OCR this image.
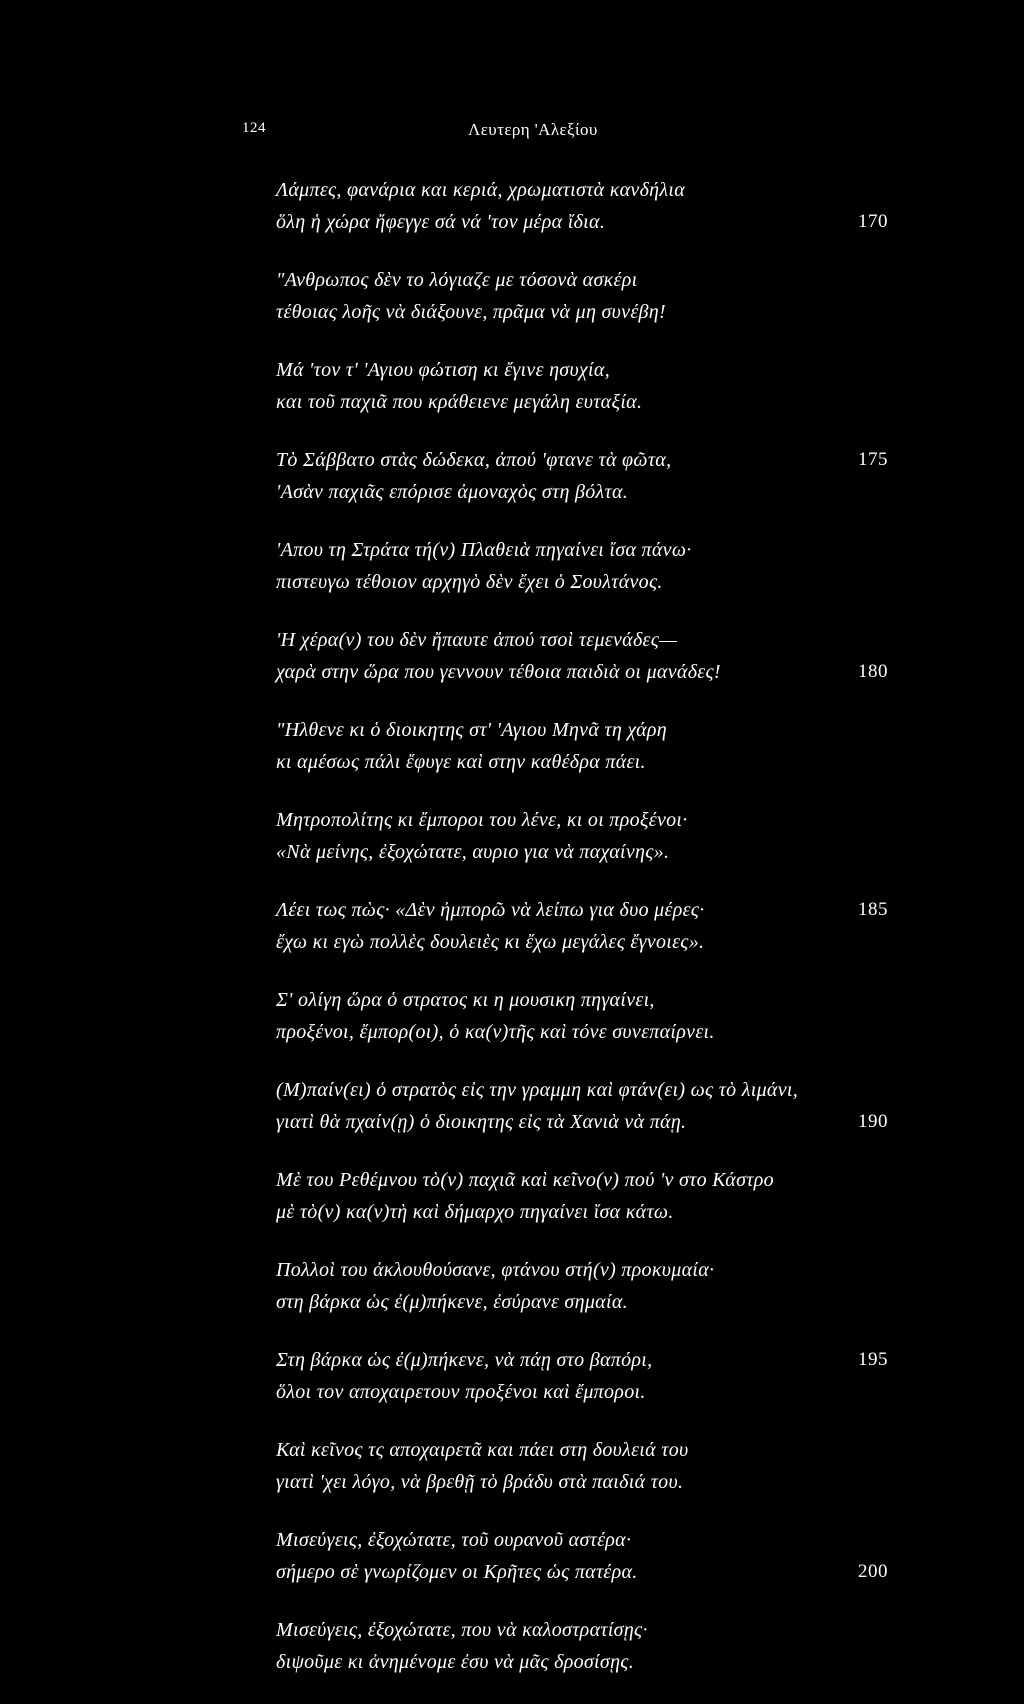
124	Λευτερη 'Αλεξίου
Λάμπες, φανάρια και κεριά, χρωματιστὰ κανδήλια
ὅλη ἡ χώρα ἤφεγγε σά νά 'τον μέρα ἴδια.	170
"Ανθρωπος δὲν το λόγιαζε με τόσονὰ ασκέρι
τέθοιας λοῆς νὰ διάξουνε, πρᾶμα νὰ μη συνέβη!
Μά 'τον τ' 'Αγιου φώτιση κι ἔγινε ησυχία,
και τοῦ παχιᾶ που κράθειενε μεγάλη ευταξία.
Τὸ Σάββατο στὰς δώδεκα, ἀπού 'φτανε τὰ φῶτα,	175
'Ασὰν παχιᾶς επόρισε ἀμοναχὸς στη βόλτα.
'Απου τη Στράτα τή(ν) Πλαθειὰ πηγαίνει ἴσα πάνω·
πιστευγω τέθοιον αρχηγὸ δὲν ἔχει ὁ Σουλτάνος.
'Η χέρα(ν) του δὲν ἤπαυτε ἀπού τσοὶ τεμενάδες—
χαρὰ στην ὥρα που γεννουν τέθοια παιδιὰ οι μανάδες!	180
"Ηλθενε κι ὁ διοικητης στ' 'Αγιου Μηνᾶ τη χάρη
κι αμέσως πάλι ἔφυγε καὶ στην καθέδρα πάει.
Μητροπολίτης κι ἔμποροι του λένε, κι οι προξένοι·
«Νὰ μείνης, ἐξοχώτατε, αυριο για νὰ παχαίνης».
Λέει τως πὼς· «Δὲν ἠμπορῶ νὰ λείπω για δυο μέρες·	185
ἔχω κι εγὼ πολλὲς δουλειὲς κι ἔχω μεγάλες ἔγνοιες».
Σ' ολίγη ὥρα ὁ στρατος κι η μουσικη πηγαίνει,
προξένοι, ἔμπορ(οι), ὁ κα(ν)τῆς καὶ τόνε συνεπαίρνει.
(Μ)παίν(ει) ὁ στρατὸς εἰς την γραμμη καὶ φτάν(ει) ως τὸ λιμάνι,
γιατὶ θὰ πχαίν(ῃ) ὁ διοικητης εἰς τὰ Χανιὰ νὰ πάῃ.	190
Μὲ του Ρεθέμνου τὸ(ν) παχιᾶ καὶ κεῖνο(ν) πού 'ν στο Κάστρο
μὲ τὸ(ν) κα(ν)τὴ καὶ δήμαρχο πηγαίνει ἴσα κάτω.
Πολλοὶ του ἀκλουθούσανε, φτάνου στή(ν) προκυμαία·
στη βάρκα ὡς ἐ(μ)πήκενε, ἐσύρανε σημαία.
Στη βάρκα ὡς ἐ(μ)πήκενε, νὰ πάῃ στο βαπόρι,	195
ὅλοι τον αποχαιρετουν προξένοι καὶ ἔμποροι.
Καὶ κεῖνος τς αποχαιρετᾶ και πάει στη δουλειά του
γιατὶ 'χει λόγο, νὰ βρεθῇ τὸ βράδυ στὰ παιδιά του.
Μισεύγεις, ἐξοχώτατε, τοῦ ουρανοῦ αστέρα·
σήμερο σὲ γνωρίζομεν οι Κρῆτες ὡς πατέρα.	200
Μισεύγεις, ἐξοχώτατε, που νὰ καλοστρατίσῃς·
διψοῦμε κι ἀνημένομε ἐσυ νὰ μᾶς δροσίσῃς.
